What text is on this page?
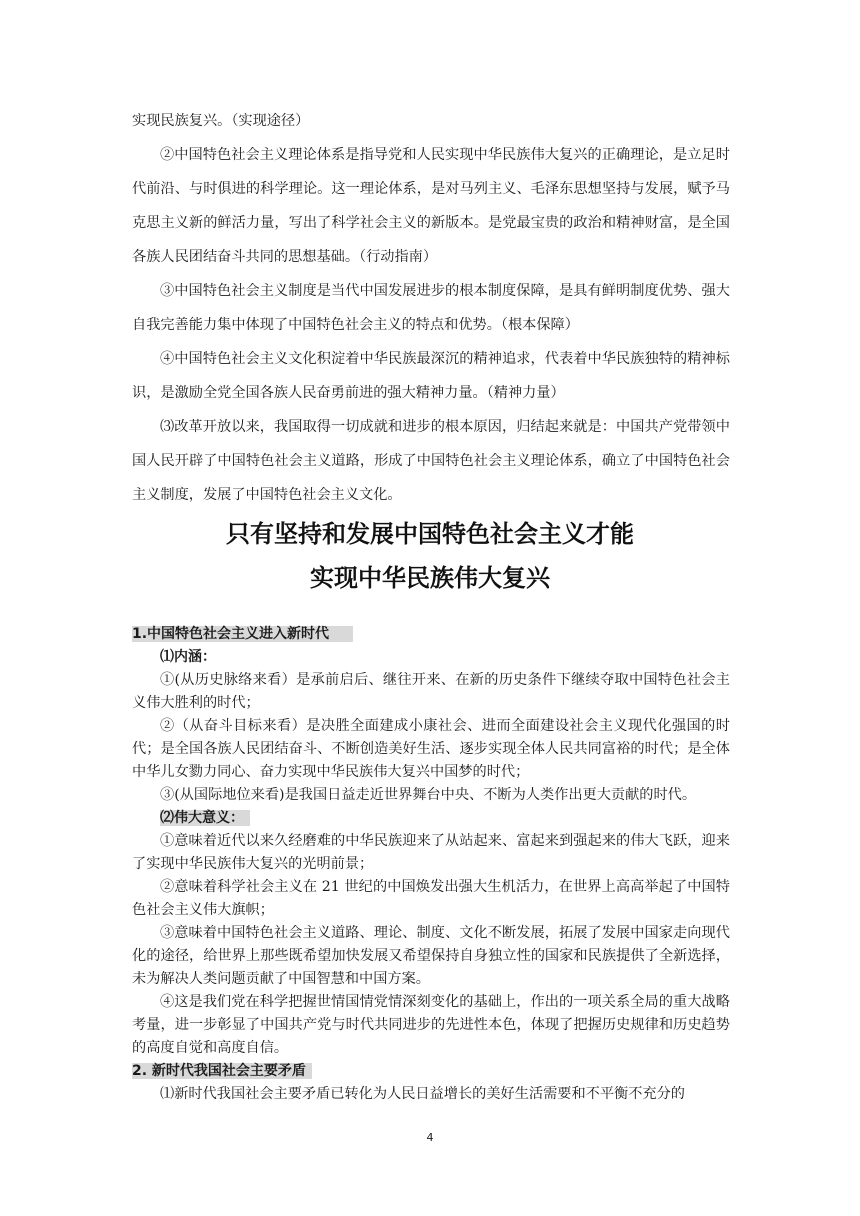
实现民族复兴。（实现途径）

②中国特色社会主义理论体系是指导党和人民实现中华民族伟大复兴的正确理论，是立足时代前沿、与时俱进的科学理论。这一理论体系，是对马列主义、毛泽东思想坚持与发展，赋予马克思主义新的鲜活力量，写出了科学社会主义的新版本。是党最宝贵的政治和精神财富，是全国各族人民团结奋斗共同的思想基础。（行动指南）

③中国特色社会主义制度是当代中国发展进步的根本制度保障，是具有鲜明制度优势、强大自我完善能力集中体现了中国特色社会主义的特点和优势。（根本保障）

④中国特色社会主义文化积淀着中华民族最深沉的精神追求，代表着中华民族独特的精神标识，是激励全党全国各族人民奋勇前进的强大精神力量。（精神力量）

⑶改革开放以来，我国取得一切成就和进步的根本原因，归结起来就是：中国共产党带领中国人民开辟了中国特色社会主义道路，形成了中国特色社会主义理论体系，确立了中国特色社会主义制度，发展了中国特色社会主义文化。

只有坚持和发展中国特色社会主义才能
实现中华民族伟大复兴

1.中国特色社会主义进入新时代

⑴内涵：

①(从历史脉络来看）是承前启后、继往开来、在新的历史条件下继续夺取中国特色社会主义伟大胜利的时代；

②（从奋斗目标来看）是决胜全面建成小康社会、进而全面建设社会主义现代化强国的时代；是全国各族人民团结奋斗、不断创造美好生活、逐步实现全体人民共同富裕的时代；是全体中华儿女勠力同心、奋力实现中华民族伟大复兴中国梦的时代；

③(从国际地位来看)是我国日益走近世界舞台中央、不断为人类作出更大贡献的时代。

⑵伟大意义：

①意味着近代以来久经磨难的中华民族迎来了从站起来、富起来到强起来的伟大飞跃，迎来了实现中华民族伟大复兴的光明前景；

②意味着科学社会主义在 21 世纪的中国焕发出强大生机活力，在世界上高高举起了中国特色社会主义伟大旗帜；

③意味着中国特色社会主义道路、理论、制度、文化不断发展，拓展了发展中国家走向现代化的途径，给世界上那些既希望加快发展又希望保持自身独立性的国家和民族提供了全新选择，未为解决人类问题贡献了中国智慧和中国方案。

④这是我们党在科学把握世情国情党情深刻变化的基础上，作出的一项关系全局的重大战略考量，进一步彰显了中国共产党与时代共同进步的先进性本色，体现了把握历史规律和历史趋势的高度自觉和高度自信。

2. 新时代我国社会主要矛盾

⑴新时代我国社会主要矛盾已转化为人民日益增长的美好生活需要和不平衡不充分的

4
